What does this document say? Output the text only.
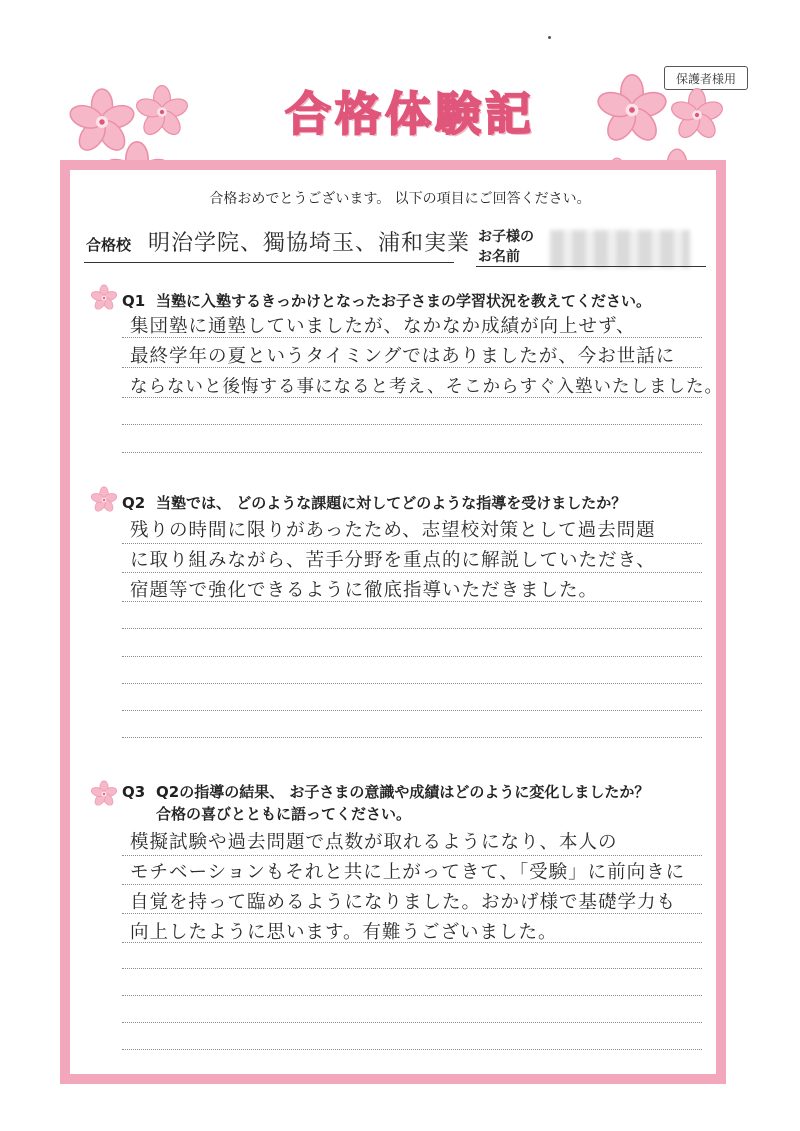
保護者様用
合格体験記
合格おめでとうございます。 以下の項目にご回答ください。
合格校 明治学院、獨協埼玉、浦和実業 お子様の
お名前
Q1 当塾に入塾するきっかけとなったお子さまの学習状況を教えてください。
集団塾に通塾していましたが、なかなか成績が向上せず、
最終学年の夏というタイミングではありましたが、今お世話に
ならないと後悔する事になると考え、そこからすぐ入塾いたしました。
Q2 当塾では、 どのような課題に対してどのような指導を受けましたか？
残りの時間に限りがあったため、志望校対策として過去問題
に取り組みながら、苦手分野を重点的に解説していただき、
宿題等で強化できるように徹底指導いただきました。
Q3 Q2の指導の結果、 お子さまの意識や成績はどのように変化しましたか？
合格の喜びとともに語ってください。
模擬試験や過去問題で点数が取れるようになり、本人の
モチベーションもそれと共に上がってきて、「受験」に前向きに
自覚を持って臨めるようになりました。おかげ様で基礎学力も
向上したように思います。有難うございました。
